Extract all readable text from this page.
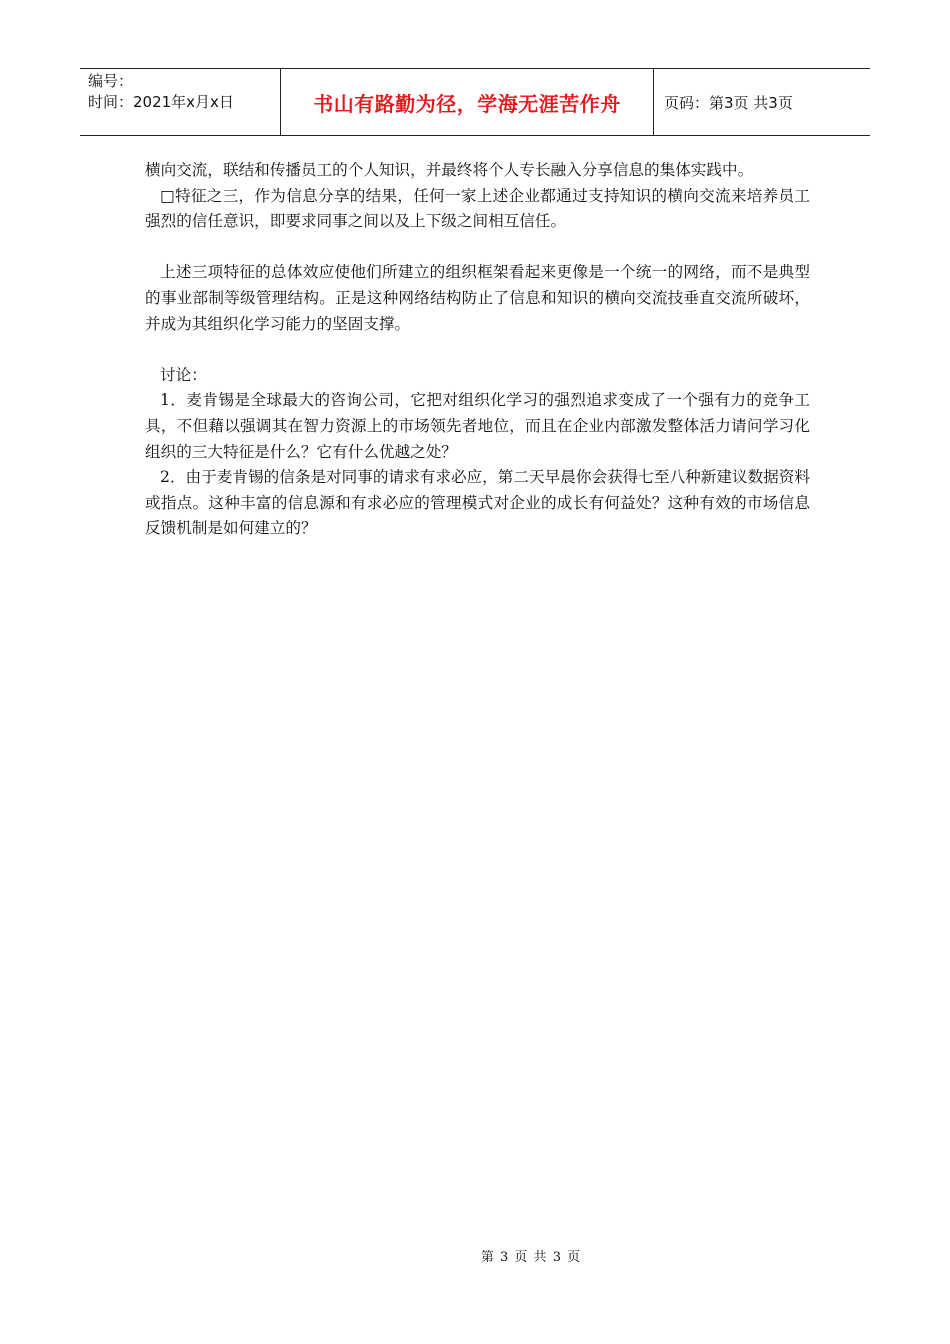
编号：
时间：2021年x月x日	书山有路勤为径，学海无涯苦作舟	页码：第3页 共3页

横向交流，联结和传播员工的个人知识，并最终将个人专长融入分享信息的集体实践中。

□特征之三，作为信息分享的结果，任何一家上述企业都通过支持知识的横向交流来培养员工强烈的信任意识，即要求同事之间以及上下级之间相互信任。

上述三项特征的总体效应使他们所建立的组织框架看起来更像是一个统一的网络，而不是典型的事业部制等级管理结构。正是这种网络结构防止了信息和知识的横向交流技垂直交流所破坏，并成为其组织化学习能力的坚固支撑。

讨论：

1．麦肯锡是全球最大的咨询公司，它把对组织化学习的强烈追求变成了一个强有力的竞争工具，不但藉以强调其在智力资源上的市场领先者地位，而且在企业内部激发整体活力请问学习化组织的三大特征是什么？它有什么优越之处？

2．由于麦肯锡的信条是对同事的请求有求必应，第二天早晨你会获得七至八种新建议数据资料或指点。这种丰富的信息源和有求必应的管理模式对企业的成长有何益处？这种有效的市场信息反馈机制是如何建立的？

第 3 页 共 3 页
